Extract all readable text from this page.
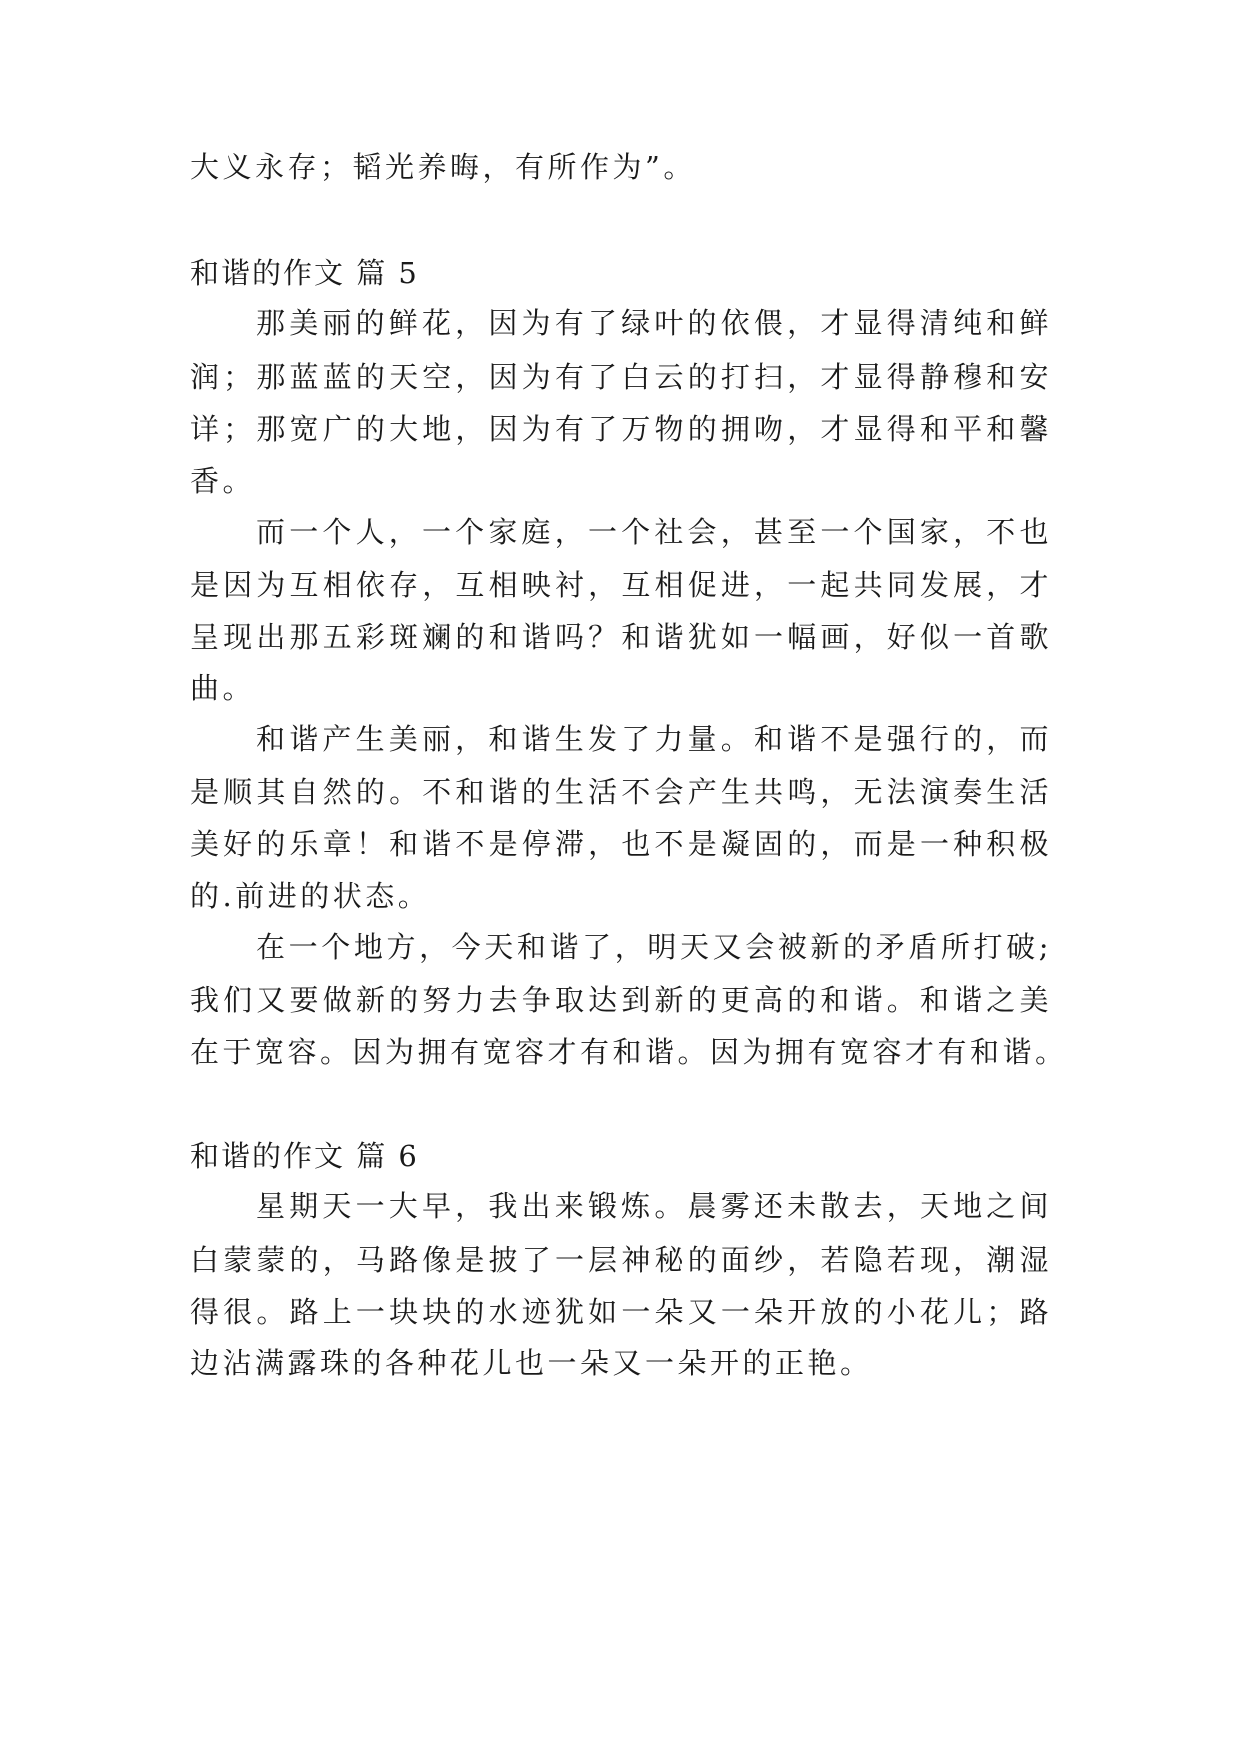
大义永存；韬光养晦，有所作为”。
和谐的作文 篇 5
那美丽的鲜花，因为有了绿叶的依偎，才显得清纯和鲜
润；那蓝蓝的天空，因为有了白云的打扫，才显得静穆和安
详；那宽广的大地，因为有了万物的拥吻，才显得和平和馨
香。
而一个人，一个家庭，一个社会，甚至一个国家，不也
是因为互相依存，互相映衬，互相促进，一起共同发展，才
呈现出那五彩斑斓的和谐吗？和谐犹如一幅画，好似一首歌
曲。
和谐产生美丽，和谐生发了力量。和谐不是强行的，而
是顺其自然的。不和谐的生活不会产生共鸣，无法演奏生活
美好的乐章！和谐不是停滞，也不是凝固的，而是一种积极
的.前进的状态。
在一个地方，今天和谐了，明天又会被新的矛盾所打破;
我们又要做新的努力去争取达到新的更高的和谐。和谐之美
在于宽容。因为拥有宽容才有和谐。因为拥有宽容才有和谐。
和谐的作文 篇 6
星期天一大早，我出来锻炼。晨雾还未散去，天地之间
白蒙蒙的，马路像是披了一层神秘的面纱，若隐若现，潮湿
得很。路上一块块的水迹犹如一朵又一朵开放的小花儿；路
边沾满露珠的各种花儿也一朵又一朵开的正艳。
